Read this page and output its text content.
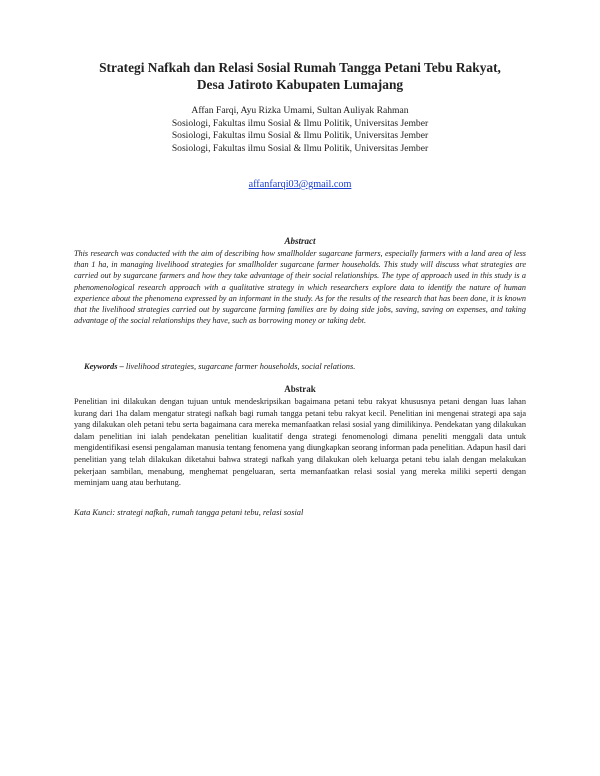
Strategi Nafkah dan Relasi Sosial Rumah Tangga Petani Tebu Rakyat,
Desa Jatiroto Kabupaten Lumajang
Affan Farqi, Ayu Rizka Umami, Sultan Auliyak Rahman
Sosiologi, Fakultas ilmu Sosial & Ilmu Politik, Universitas Jember
Sosiologi, Fakultas ilmu Sosial & Ilmu Politik, Universitas Jember
Sosiologi, Fakultas ilmu Sosial & Ilmu Politik, Universitas Jember
affanfarqi03@gmail.com
Abstract
This research was conducted with the aim of describing how smallholder sugarcane farmers, especially farmers with a land area of less than 1 ha, in managing livelihood strategies for smallholder sugarcane farmer households. This study will discuss what strategies are carried out by sugarcane farmers and how they take advantage of their social relationships. The type of approach used in this study is a phenomenological research approach with a qualitative strategy in which researchers explore data to identify the nature of human experience about the phenomena expressed by an informant in the study. As for the results of the research that has been done, it is known that the livelihood strategies carried out by sugarcane farming families are by doing side jobs, saving, saving on expenses, and taking advantage of the social relationships they have, such as borrowing money or taking debt.
Keywords – livelihood strategies, sugarcane farmer households, social relations.
Abstrak
Penelitian ini dilakukan dengan tujuan untuk mendeskripsikan bagaimana petani tebu rakyat khususnya petani dengan luas lahan kurang dari 1ha dalam mengatur strategi nafkah bagi rumah tangga petani tebu rakyat kecil. Penelitian ini mengenai strategi apa saja yang dilakukan oleh petani tebu serta bagaimana cara mereka memanfaatkan relasi sosial yang dimilikinya. Pendekatan yang dilakukan dalam penelitian ini ialah pendekatan penelitian kualitatif denga strategi fenomenologi dimana peneliti menggali data untuk mengidentifikasi esensi pengalaman manusia tentang fenomena yang diungkapkan seorang informan pada penelitian. Adapun hasil dari penelitian yang telah dilakukan diketahui bahwa strategi nafkah yang dilakukan oleh keluarga petani tebu ialah dengan melakukan pekerjaan sambilan, menabung, menghemat pengeluaran, serta memanfaatkan relasi sosial yang mereka miliki seperti dengan meminjam uang atau berhutang.
Kata Kunci: strategi nafkah, rumah tangga petani tebu, relasi sosial
